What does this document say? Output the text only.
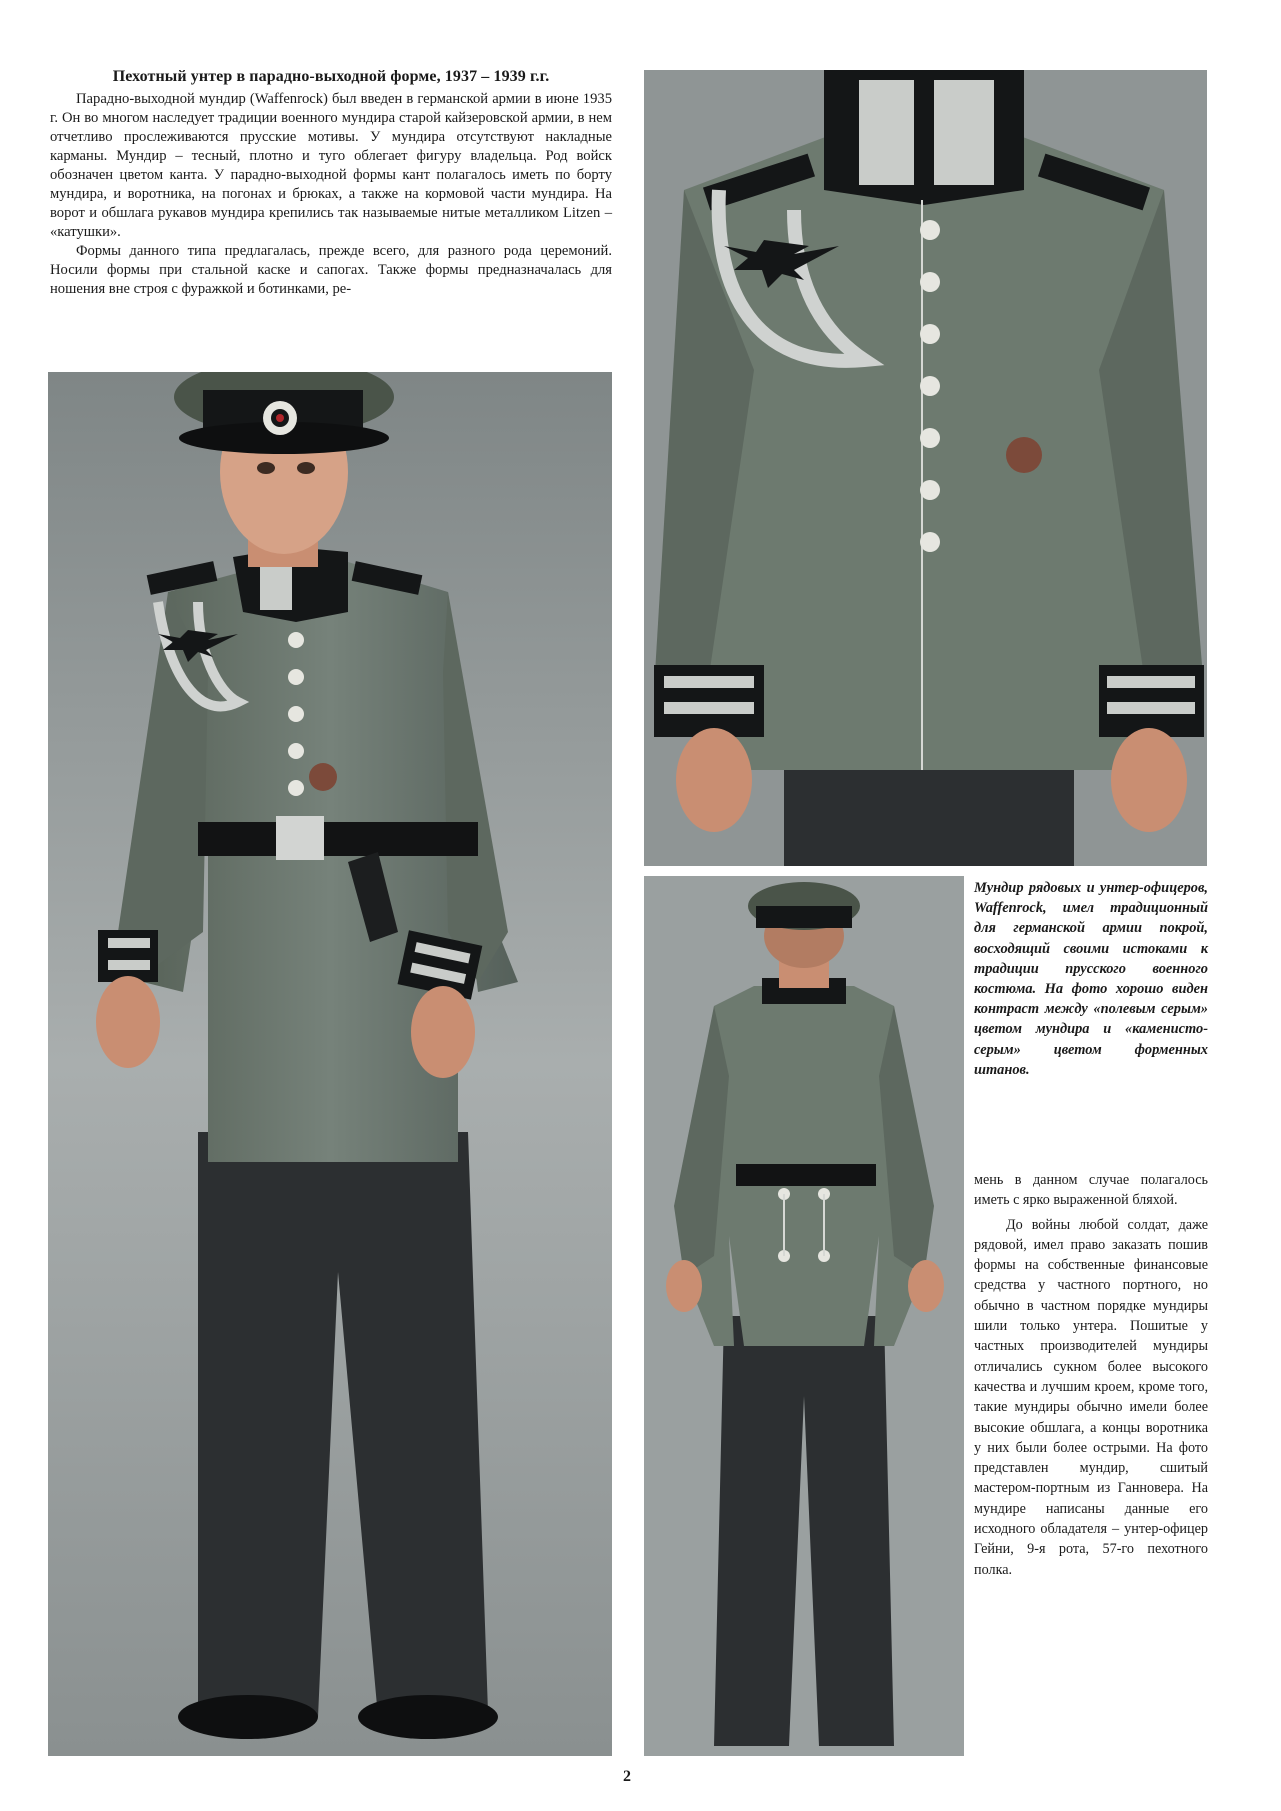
Пехотный унтер в парадно-выходной форме, 1937 – 1939 г.г.

Парадно-выходной мундир (Waffenrock) был введен в германской армии в июне 1935 г. Он во многом наследует традиции военного мундира старой кайзеровской армии, в нем отчетливо прослеживаются прусские мотивы. У мундира отсутствуют накладные карманы. Мундир – тесный, плотно и туго облегает фигуру владельца. Род войск обозначен цветом канта. У парадно-выходной формы кант полагалось иметь по борту мундира, и воротника, на погонах и брюках, а также на кормовой части мундира. На ворот и обшлага рукавов мундира крепились так называемые нитые металликом Litzen – «катушки».

Формы данного типа предлагалась, прежде всего, для разного рода церемоний. Носили формы при стальной каске и сапогах. Также формы предназначалась для ношения вне строя с фуражкой и ботинками, ре-

Мундир рядовых и унтер-офицеров, Waffenrock, имел традиционный для германской армии покрой, восходящий своими истоками к традиции прусского военного костюма. На фото хорошо виден контраст между «полевым серым» цветом мундира и «каменисто-серым» цветом форменных штанов.

мень в данном случае полагалось иметь с ярко выраженной бляхой.

До войны любой солдат, даже рядовой, имел право заказать пошив формы на собственные финансовые средства у частного портного, но обычно в частном порядке мундиры шили только унтера. Пошитые у частных производителей мундиры отличались сукном более высокого качества и лучшим кроем, кроме того, такие мундиры обычно имели более высокие обшлага, а концы воротника у них были более острыми. На фото представлен мундир, сшитый мастером-портным из Ганновера. На мундире написаны данные его исходного обладателя – унтер-офицер Гейни, 9-я рота, 57-го пехотного полка.

2
